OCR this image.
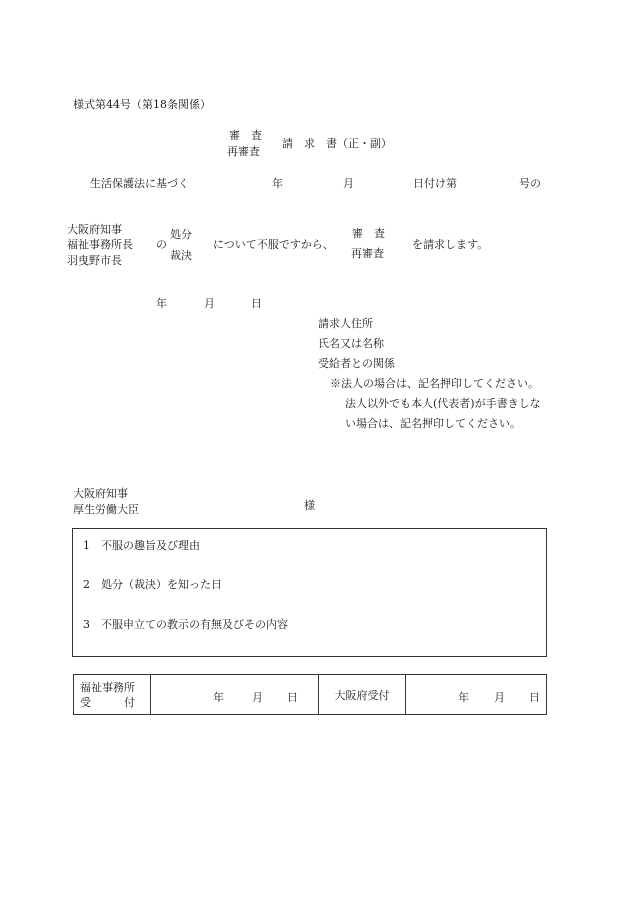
様式第44号（第18条関係）
審　査
再審査
請　求　書（正・副）
生活保護法に基づく	年	月	日付け第	号の
大阪府知事
福祉事務所長
羽曳野市長
の
処分
裁決
について不服ですから、
審　査
再審査
を請求します。
年	月	日
請求人住所
氏名又は名称
受給者との関係
※法人の場合は、記名押印してください。
法人以外でも本人(代表者)が手書きしな
い場合は、記名押印してください。
大阪府知事
厚生労働大臣	様
1　不服の趣旨及び理由
2　処分（裁決）を知った日
3　不服申立ての教示の有無及びその内容
福祉事務所
受　　　付	年	月 日	大阪府受付	年 月 日
